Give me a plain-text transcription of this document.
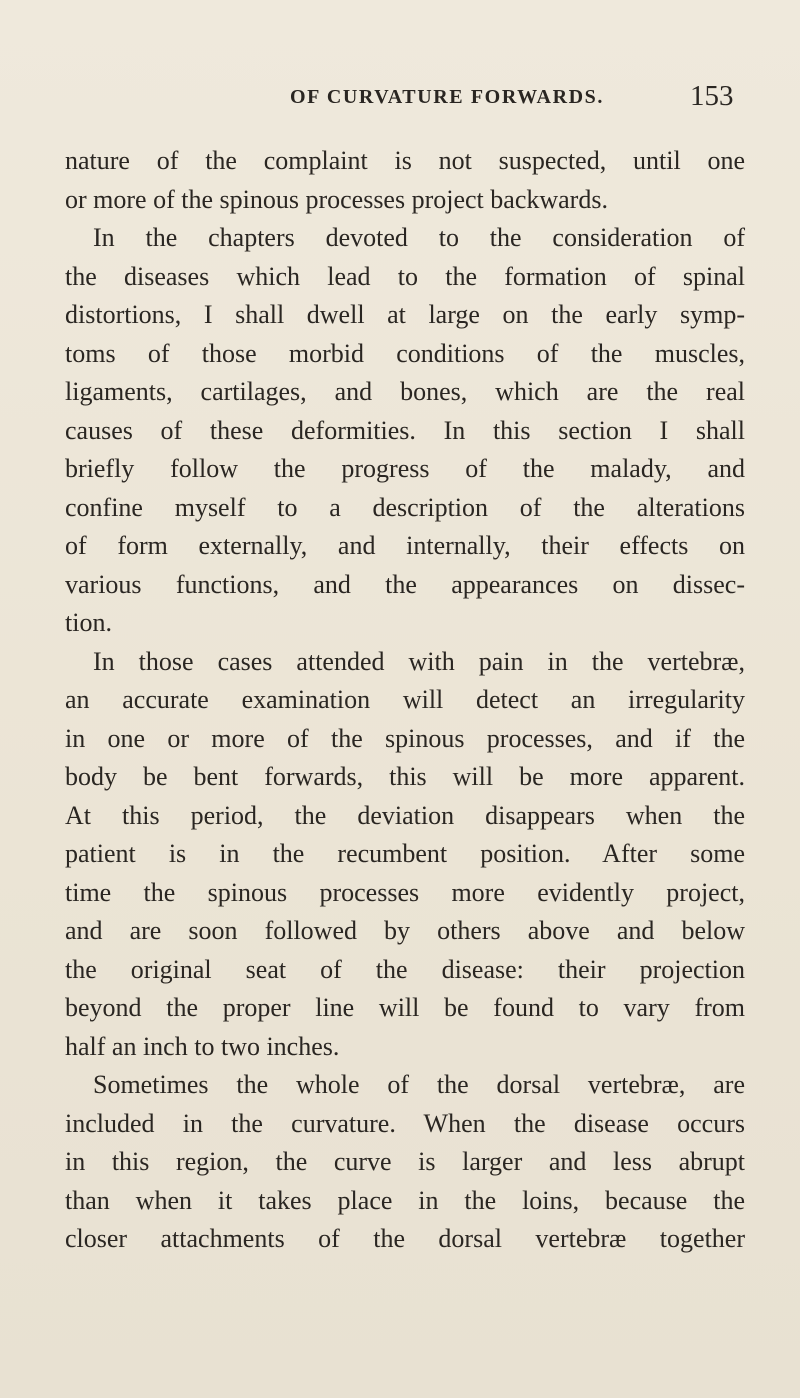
OF CURVATURE FORWARDS.	153
nature of the complaint is not suspected, until one
or more of the spinous processes project backwards.
In the chapters devoted to the consideration of
the diseases which lead to the formation of spinal
distortions, I shall dwell at large on the early symp-
toms of those morbid conditions of the muscles,
ligaments, cartilages, and bones, which are the real
causes of these deformities. In this section I shall
briefly follow the progress of the malady, and
confine myself to a description of the alterations
of form externally, and internally, their effects on
various functions, and the appearances on dissec-
tion.
In those cases attended with pain in the vertebræ,
an accurate examination will detect an irregularity
in one or more of the spinous processes, and if the
body be bent forwards, this will be more apparent.
At this period, the deviation disappears when the
patient is in the recumbent position. After some
time the spinous processes more evidently project,
and are soon followed by others above and below
the original seat of the disease: their projection
beyond the proper line will be found to vary from
half an inch to two inches.
Sometimes the whole of the dorsal vertebræ, are
included in the curvature. When the disease occurs
in this region, the curve is larger and less abrupt
than when it takes place in the loins, because the
closer attachments of the dorsal vertebræ together
